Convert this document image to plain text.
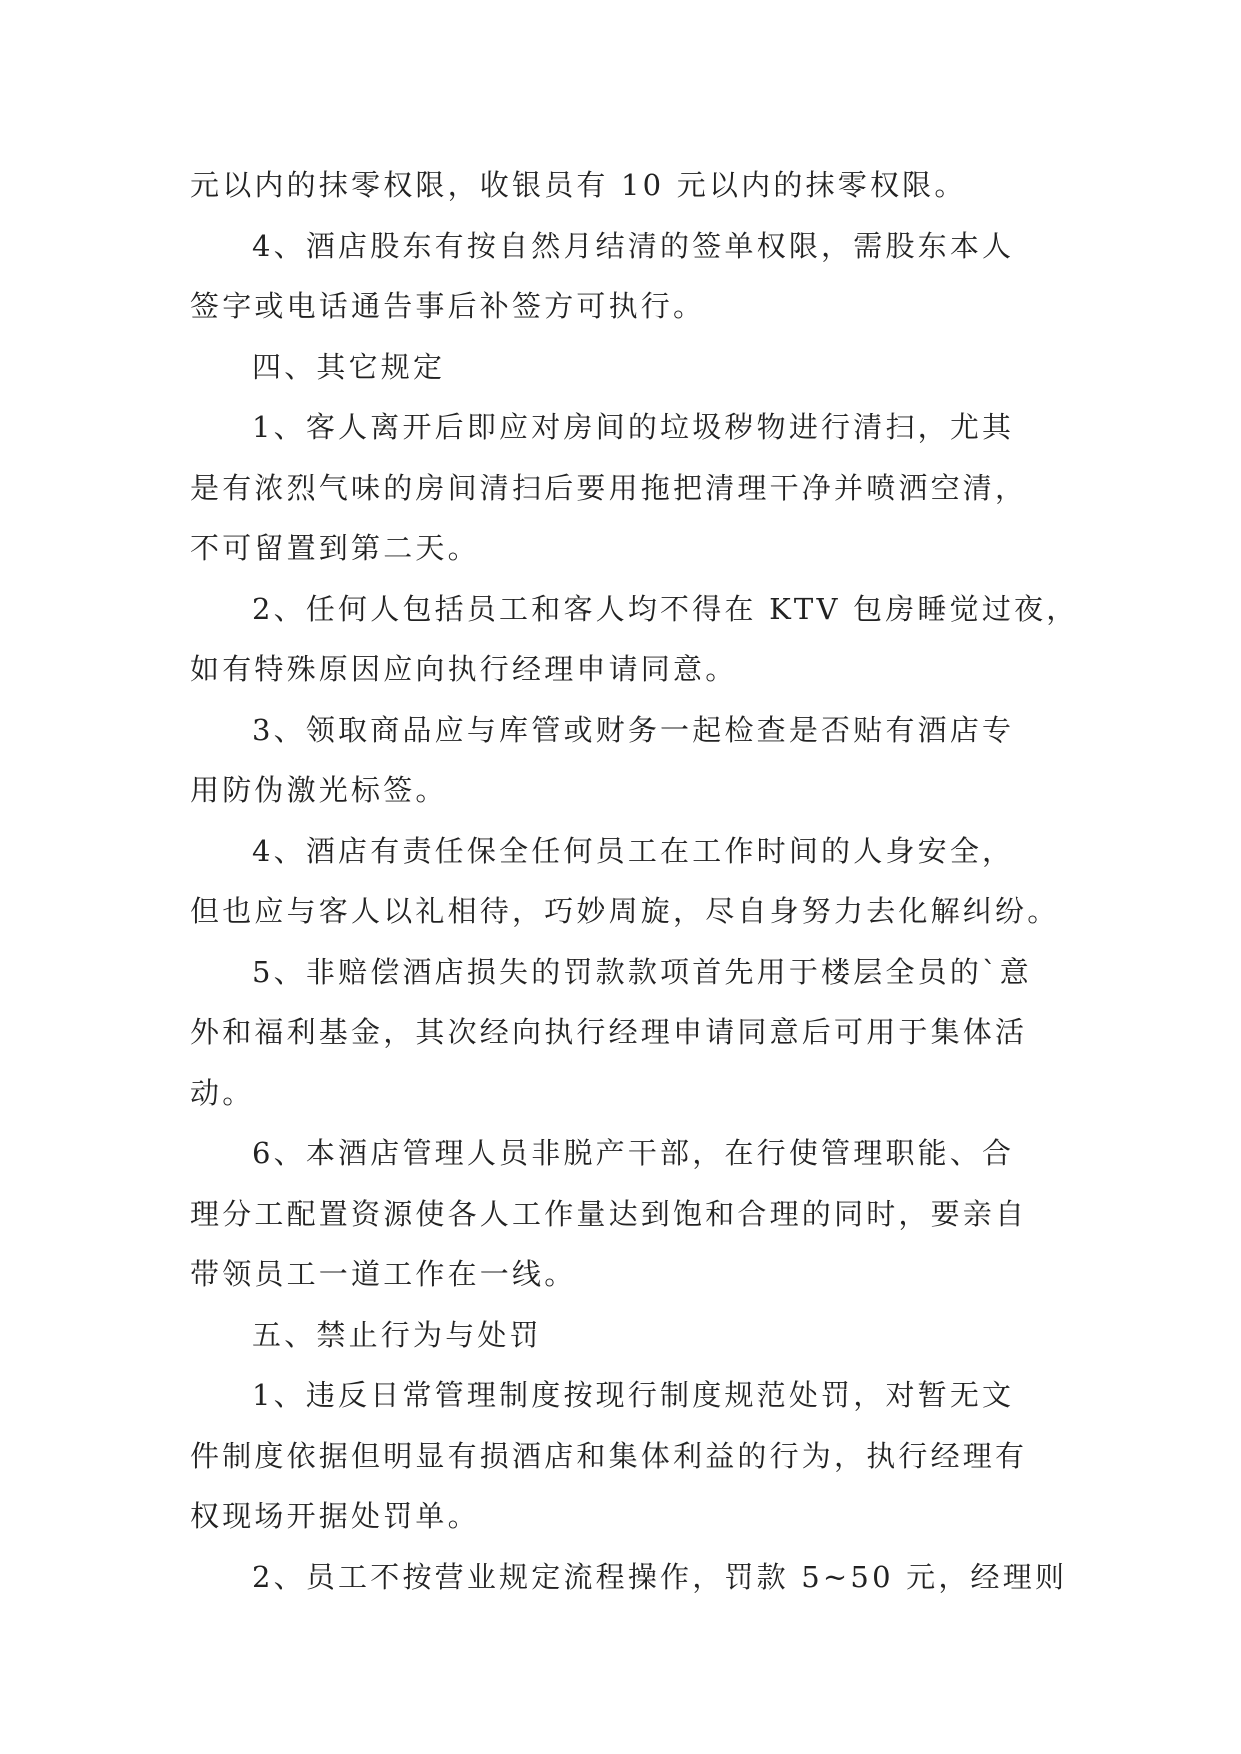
元以内的抹零权限，收银员有 10 元以内的抹零权限。
4、酒店股东有按自然月结清的签单权限，需股东本人
签字或电话通告事后补签方可执行。
四、其它规定
1、客人离开后即应对房间的垃圾秽物进行清扫，尤其
是有浓烈气味的房间清扫后要用拖把清理干净并喷洒空清，
不可留置到第二天。
2、任何人包括员工和客人均不得在 KTV 包房睡觉过夜，
如有特殊原因应向执行经理申请同意。
3、领取商品应与库管或财务一起检查是否贴有酒店专
用防伪激光标签。
4、酒店有责任保全任何员工在工作时间的人身安全，
但也应与客人以礼相待，巧妙周旋，尽自身努力去化解纠纷。
5、非赔偿酒店损失的罚款款项首先用于楼层全员的`意
外和福利基金，其次经向执行经理申请同意后可用于集体活
动。
6、本酒店管理人员非脱产干部，在行使管理职能、合
理分工配置资源使各人工作量达到饱和合理的同时，要亲自
带领员工一道工作在一线。
五、禁止行为与处罚
1、违反日常管理制度按现行制度规范处罚，对暂无文
件制度依据但明显有损酒店和集体利益的行为，执行经理有
权现场开据处罚单。
2、员工不按营业规定流程操作，罚款 5~50 元，经理则
